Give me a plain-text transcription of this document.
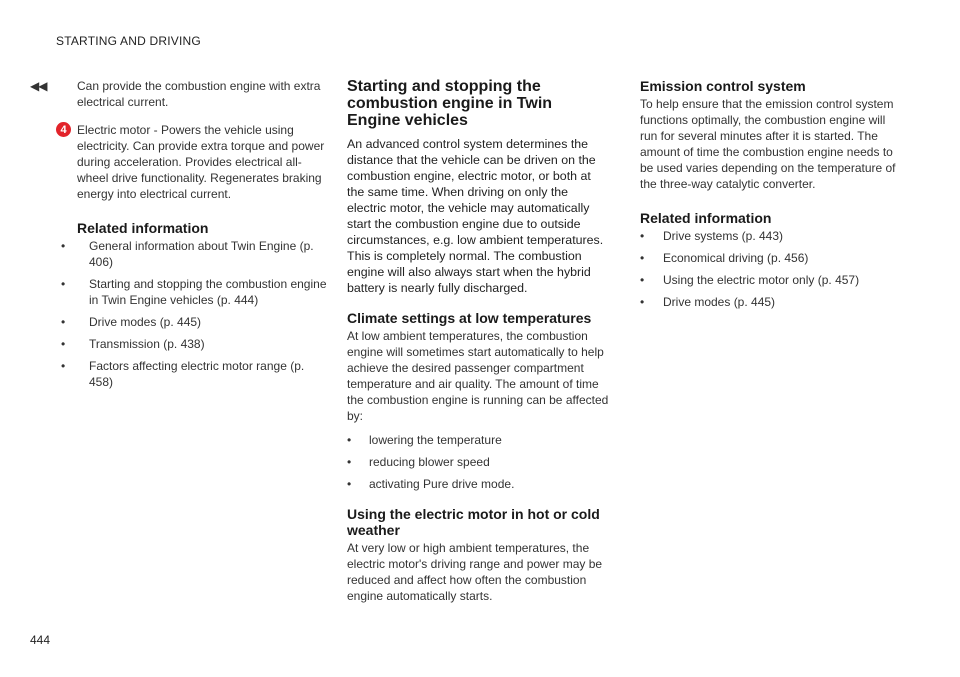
STARTING AND DRIVING
◀◀	Can provide the combustion engine with extra electrical current.

4 Electric motor - Powers the vehicle using electricity. Can provide extra torque and power during acceleration. Provides electrical all-wheel drive functionality. Regenerates braking energy into electrical current.

Related information
• General information about Twin Engine (p. 406)
• Starting and stopping the combustion engine in Twin Engine vehicles (p. 444)
• Drive modes (p. 445)
• Transmission (p. 438)
• Factors affecting electric motor range (p. 458)
Starting and stopping the combustion engine in Twin Engine vehicles

An advanced control system determines the distance that the vehicle can be driven on the combustion engine, electric motor, or both at the same time. When driving on only the electric motor, the vehicle may automatically start the combustion engine due to outside circumstances, e.g. low ambient temperatures. This is completely normal. The combustion engine will also always start when the hybrid battery is nearly fully discharged.

Climate settings at low temperatures

At low ambient temperatures, the combustion engine will sometimes start automatically to help achieve the desired passenger compartment temperature and air quality. The amount of time the combustion engine is running can be affected by:

• lowering the temperature
• reducing blower speed
• activating Pure drive mode.
Using the electric motor in hot or cold weather

At very low or high ambient temperatures, the electric motor's driving range and power may be reduced and affect how often the combustion engine automatically starts.

Emission control system

To help ensure that the emission control system functions optimally, the combustion engine will run for several minutes after it is started. The amount of time the combustion engine needs to be used varies depending on the temperature of the three-way catalytic converter.

Related information
• Drive systems (p. 443)
• Economical driving (p. 456)
• Using the electric motor only (p. 457)
• Drive modes (p. 445)
444
